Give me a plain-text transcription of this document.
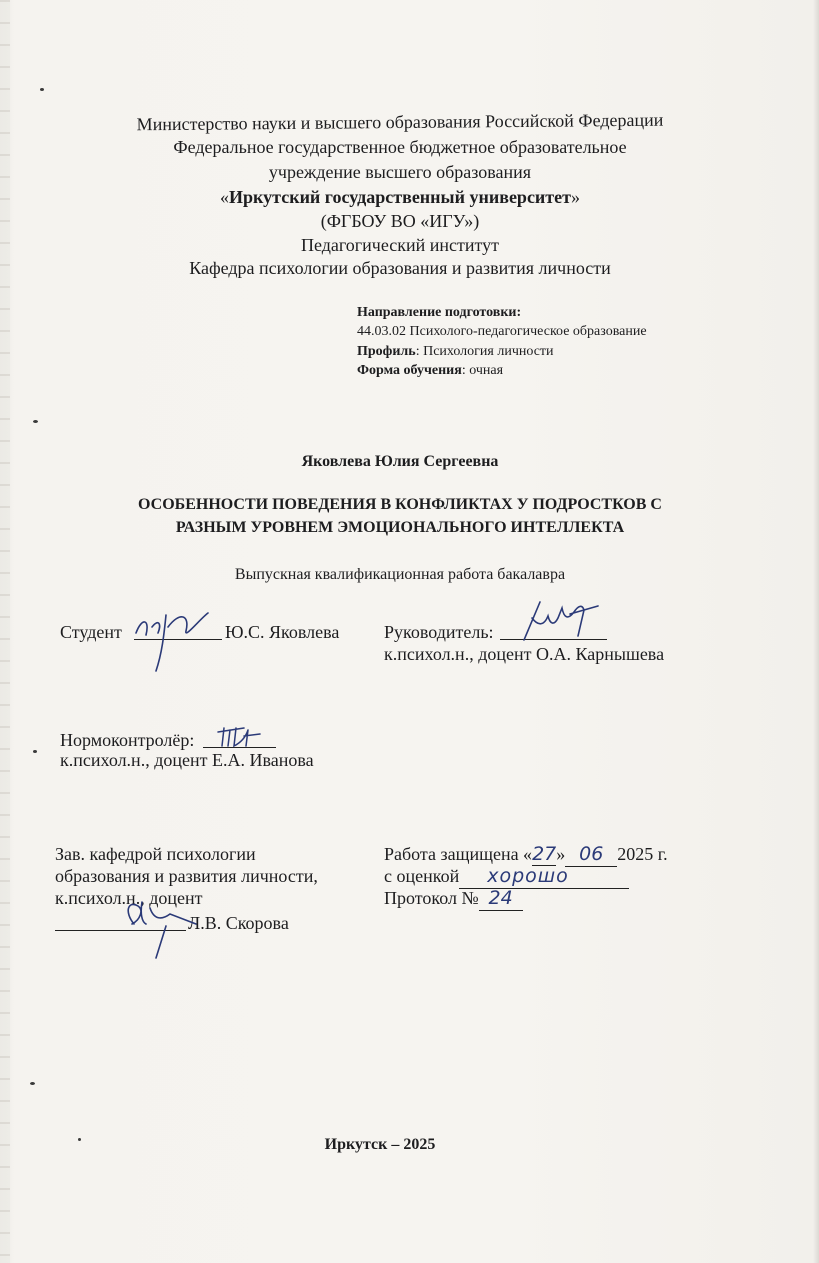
Министерство науки и высшего образования Российской Федерации
Федеральное государственное бюджетное образовательное
учреждение высшего образования
«Иркутский государственный университет»
(ФГБОУ ВО «ИГУ»)
Педагогический институт
Кафедра психологии образования и развития личности
Направление подготовки:
44.03.02 Психолого-педагогическое образование
Профиль: Психология личности
Форма обучения: очная
Яковлева Юлия Сергеевна
ОСОБЕННОСТИ ПОВЕДЕНИЯ В КОНФЛИКТАХ У ПОДРОСТКОВ С
РАЗНЫМ УРОВНЕМ ЭМОЦИОНАЛЬНОГО ИНТЕЛЛЕКТА
Выпускная квалификационная работа бакалавра
Студент	Ю.С. Яковлева Руководитель:
к.психол.н., доцент О.А. Карнышева
Нормоконтролёр:
к.психол.н., доцент Е.А. Иванова
Зав. кафедрой психологии
образования и развития личности,
к.психол.н., доцент
Л.В. Скорова
Работа защищена «27» 06 2025 г.
с оценкой хорошо
Протокол № 24
Иркутск – 2025
